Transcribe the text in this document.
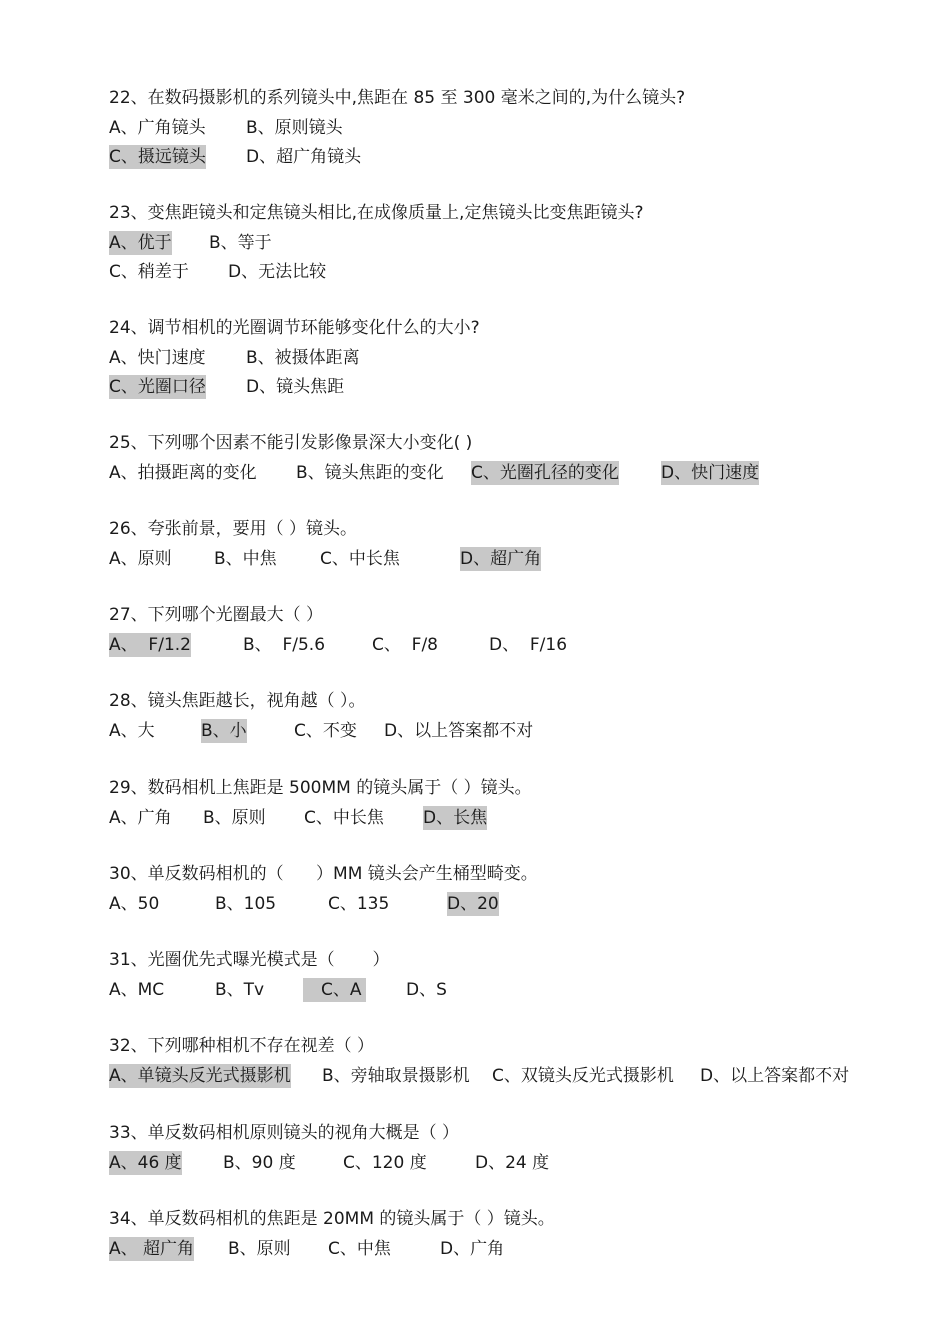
22、在数码摄影机的系列镜头中,焦距在 85 至 300 毫米之间的,为什么镜头?
A、广角镜头 B、原则镜头
C、摄远镜头 D、超广角镜头
23、变焦距镜头和定焦镜头相比,在成像质量上,定焦镜头比变焦距镜头?
A、优于 B、等于
C、稍差于 D、无法比较
24、调节相机的光圈调节环能够变化什么的大小?
A、快门速度 B、被摄体距离
C、光圈口径 D、镜头焦距
25、下列哪个因素不能引发影像景深大小变化( )
A、拍摄距离的变化 B、镜头焦距的变化 C、光圈孔径的变化 D、快门速度
26、夸张前景，要用（ ）镜头。
A、原则 B、中焦	C、中长焦	D、超广角
27、下列哪个光圈最大（ ）
A、  F/1.2	B、  F/5.6	C、  F/8	D、  F/16
28、镜头焦距越长，视角越（ ）。
A、大	B、小	C、不变 D、以上答案都不对
29、数码相机上焦距是 500MM 的镜头属于（ ）镜头。
A、广角 B、原则 C、中长焦 D、长焦
30、单反数码相机的（      ）MM 镜头会产生桶型畸变。
A、50	B、105	C、135	D、20
31、光圈优先式曝光模式是（       ）
A、MC	B、Tv	C、A	D、S
32、下列哪种相机不存在视差（ ）
A、单镜头反光式摄影机 B、旁轴取景摄影机 C、双镜头反光式摄影机 D、以上答案都不对
33、单反数码相机原则镜头的视角大概是（ ）
A、46 度 B、90 度	C、120 度	D、24 度
34、单反数码相机的焦距是 20MM 的镜头属于（ ）镜头。
A、 超广角 B、原则 C、中焦	D、广角
